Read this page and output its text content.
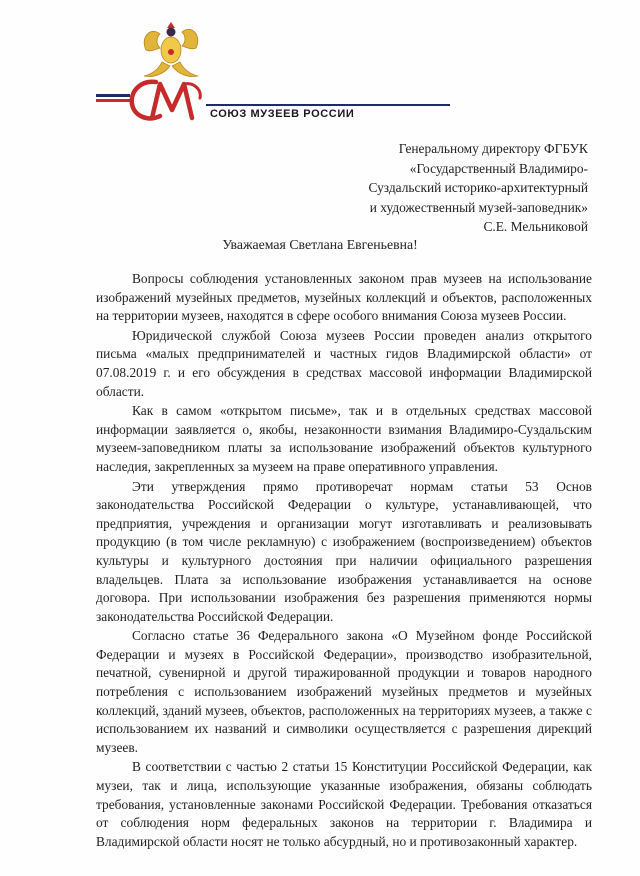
СОЮЗ МУЗЕЕВ РОССИИ
Генеральному директору ФГБУК
«Государственный Владимиро-
Суздальский историко-архитектурный
и художественный музей-заповедник»
С.Е. Мельниковой
Уважаемая Светлана Евгеньевна!

Вопросы соблюдения установленных законом прав музеев на использование изображений музейных предметов, музейных коллекций и объектов, расположенных на территории музеев, находятся в сфере особого внимания Союза музеев России.

Юридической службой Союза музеев России проведен анализ открытого письма «малых предпринимателей и частных гидов Владимирской области» от 07.08.2019 г. и его обсуждения в средствах массовой информации Владимирской области.

Как в самом «открытом письме», так и в отдельных средствах массовой информации заявляется о, якобы, незаконности взимания Владимиро-Суздальским музеем-заповедником платы за использование изображений объектов культурного наследия, закрепленных за музеем на праве оперативного управления.

Эти утверждения прямо противоречат нормам статьи 53 Основ законодательства Российской Федерации о культуре, устанавливающей, что предприятия, учреждения и организации могут изготавливать и реализовывать продукцию (в том числе рекламную) с изображением (воспроизведением) объектов культуры и культурного достояния при наличии официального разрешения владельцев. Плата за использование изображения устанавливается на основе договора. При использовании изображения без разрешения применяются нормы законодательства Российской Федерации.

Согласно статье 36 Федерального закона «О Музейном фонде Российской Федерации и музеях в Российской Федерации», производство изобразительной, печатной, сувенирной и другой тиражированной продукции и товаров народного потребления с использованием изображений музейных предметов и музейных коллекций, зданий музеев, объектов, расположенных на территориях музеев, а также с использованием их названий и символики осуществляется с разрешения дирекций музеев.

В соответствии с частью 2 статьи 15 Конституции Российской Федерации, как музеи, так и лица, использующие указанные изображения, обязаны соблюдать требования, установленные законами Российской Федерации. Требования отказаться от соблюдения норм федеральных законов на территории г. Владимира и Владимирской области носят не только абсурдный, но и противозаконный характер.
